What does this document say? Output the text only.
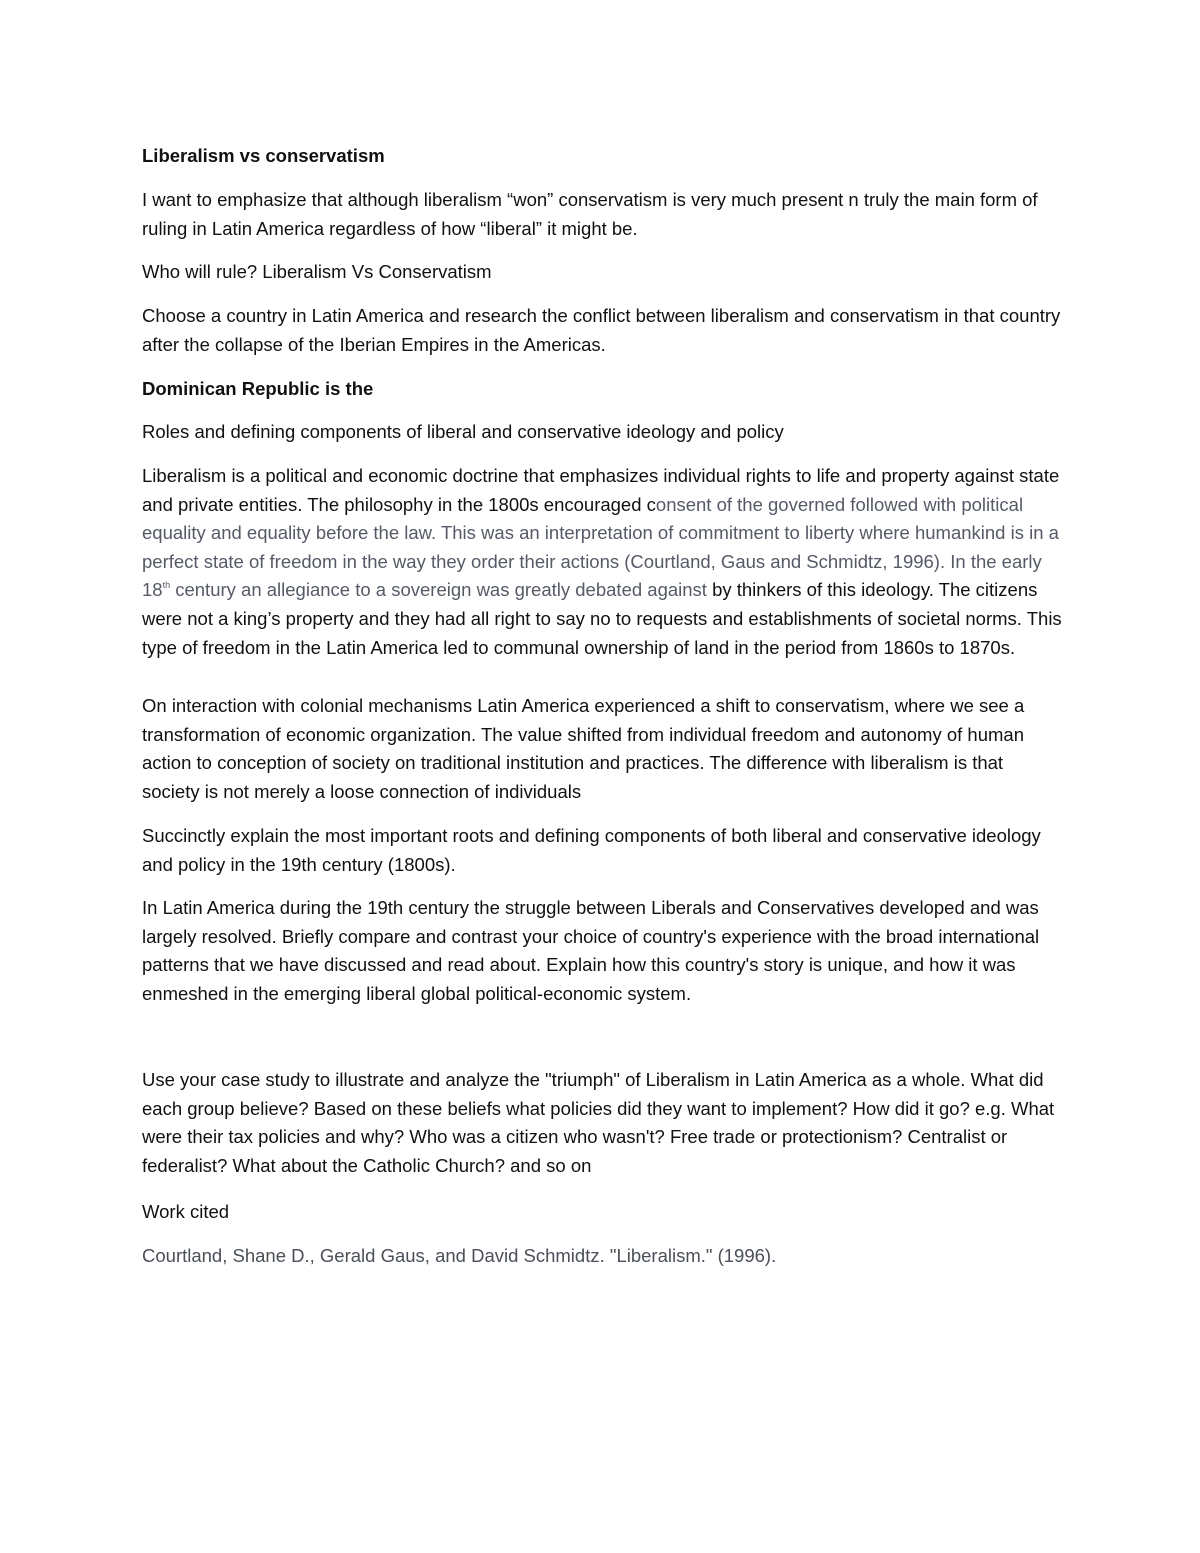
Liberalism vs conservatism

I want to emphasize that although liberalism “won” conservatism is very much present n truly the main form of ruling in Latin America regardless of how “liberal” it might be.

Who will rule? Liberalism Vs Conservatism

Choose a country in Latin America and research the conflict between liberalism and conservatism in that country after the collapse of the Iberian Empires in the Americas.

Dominican Republic is the

Roles and defining components of liberal and conservative ideology and policy

Liberalism is a political and economic doctrine that emphasizes individual rights to life and property against state and private entities. The philosophy in the 1800s encouraged consent of the governed followed with political equality and equality before the law. This was an interpretation of commitment to liberty where humankind is in a perfect state of freedom in the way they order their actions (Courtland, Gaus and Schmidtz, 1996). In the early 18th century an allegiance to a sovereign was greatly debated against by thinkers of this ideology. The citizens were not a king’s property and they had all right to say no to requests and establishments of societal norms. This type of freedom in the Latin America led to communal ownership of land in the period from 1860s to 1870s.

On interaction with colonial mechanisms Latin America experienced a shift to conservatism, where we see a transformation of economic organization. The value shifted from individual freedom and autonomy of human action to conception of society on traditional institution and practices. The difference with liberalism is that society is not merely a loose connection of individuals

Succinctly explain the most important roots and defining components of both liberal and conservative ideology and policy in the 19th century (1800s).

In Latin America during the 19th century the struggle between Liberals and Conservatives developed and was largely resolved. Briefly compare and contrast your choice of country's experience with the broad international patterns that we have discussed and read about. Explain how this country's story is unique, and how it was enmeshed in the emerging liberal global political-economic system.

Use your case study to illustrate and analyze the "triumph" of Liberalism in Latin America as a whole. What did each group believe? Based on these beliefs what policies did they want to implement? How did it go? e.g. What were their tax policies and why? Who was a citizen who wasn't? Free trade or protectionism? Centralist or federalist? What about the Catholic Church? and so on

Work cited

Courtland, Shane D., Gerald Gaus, and David Schmidtz. "Liberalism." (1996).
